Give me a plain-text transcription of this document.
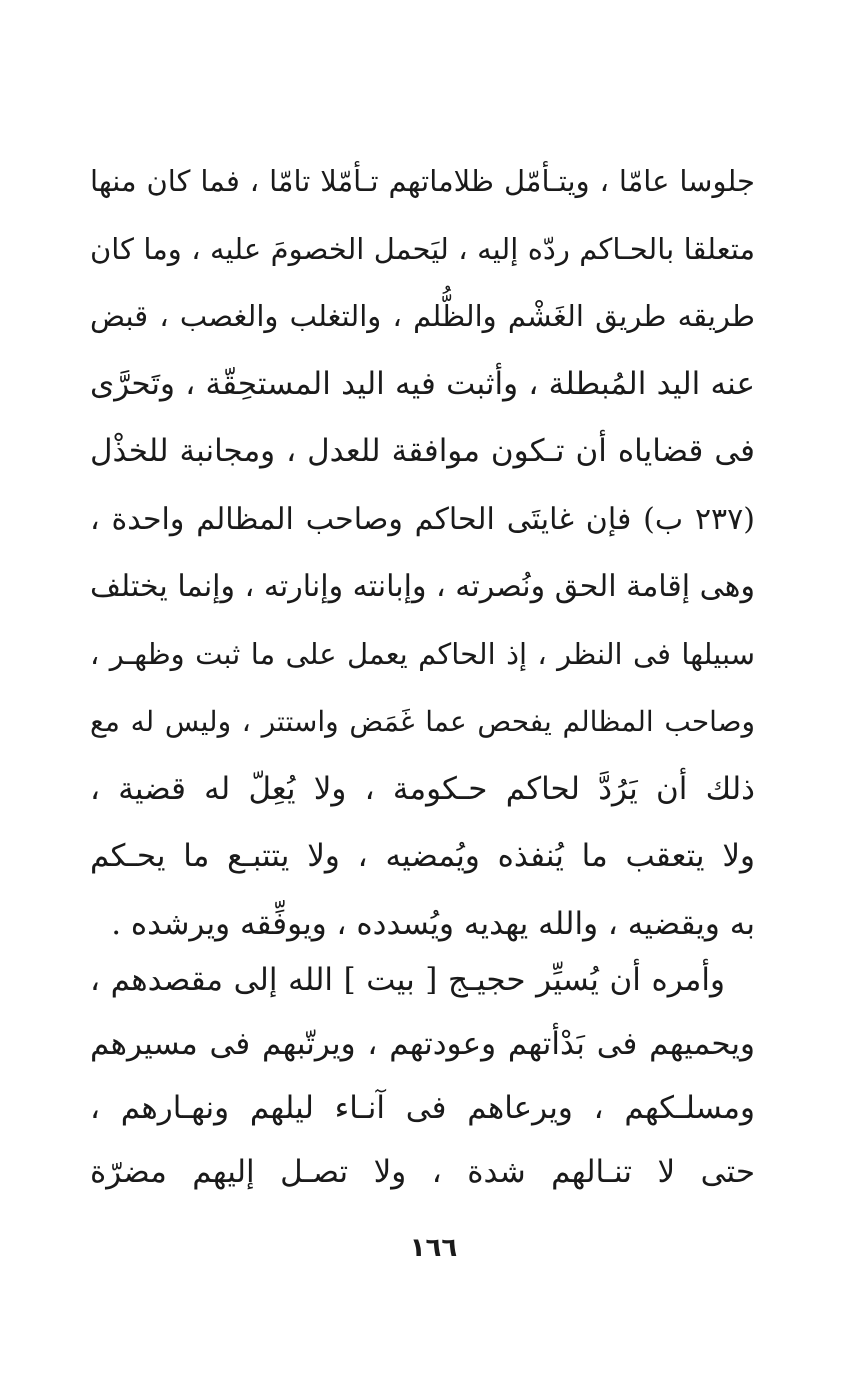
جلوسا عامّا ، ويتـأمّل ظلاماتهم تـأمّلا تامّا ، فما كان منها
متعلقا بالحـاكم ردّه إليه ، ليَحمل الخصومَ عليه ، وما كان
طريقه طريق الغَشْم والظُّلم ، والتغلب والغصب ، قبض
عنه اليد المُبطلة ، وأثبت فيه اليد المستحِقّة ، وتَحرَّى
فى قضاياه أن تـكون موافقة للعدل ، ومجانبة للخذْل
(٢٣٧ ب) فإن غايتَى الحاكم وصاحب المظالم واحدة ،
وهى إقامة الحق ونُصرته ، وإبانته وإنارته ، وإنما يختلف
سبيلها فى النظر ، إذ الحاكم يعمل على ما ثبت وظهـر ،
وصاحب المظالم يفحص عما غَمَض واستتر ، وليس له مع
ذلك أن يَرُدَّ لحاكم حـكومة ، ولا يُعِلّ له قضية ،
ولا يتعقب ما يُنفذه ويُمضيه ، ولا يتتبـع ما يحـكم
به ويقضيه ، والله يهديه ويُسدده ، ويوفِّقه ويرشده .
وأمره أن يُسيِّر حجيـج [ بيت ] الله إلى مقصدهم ،
ويحميهم فى بَدْأتهم وعودتهم ، ويرتّبهم فى مسيرهم
ومسلـكهم ، ويرعاهم فى آنـاء ليلهم ونهـارهم ،
حتى لا تنـالهم شدة ، ولا تصـل إليهم مضرّة
١٦٦
